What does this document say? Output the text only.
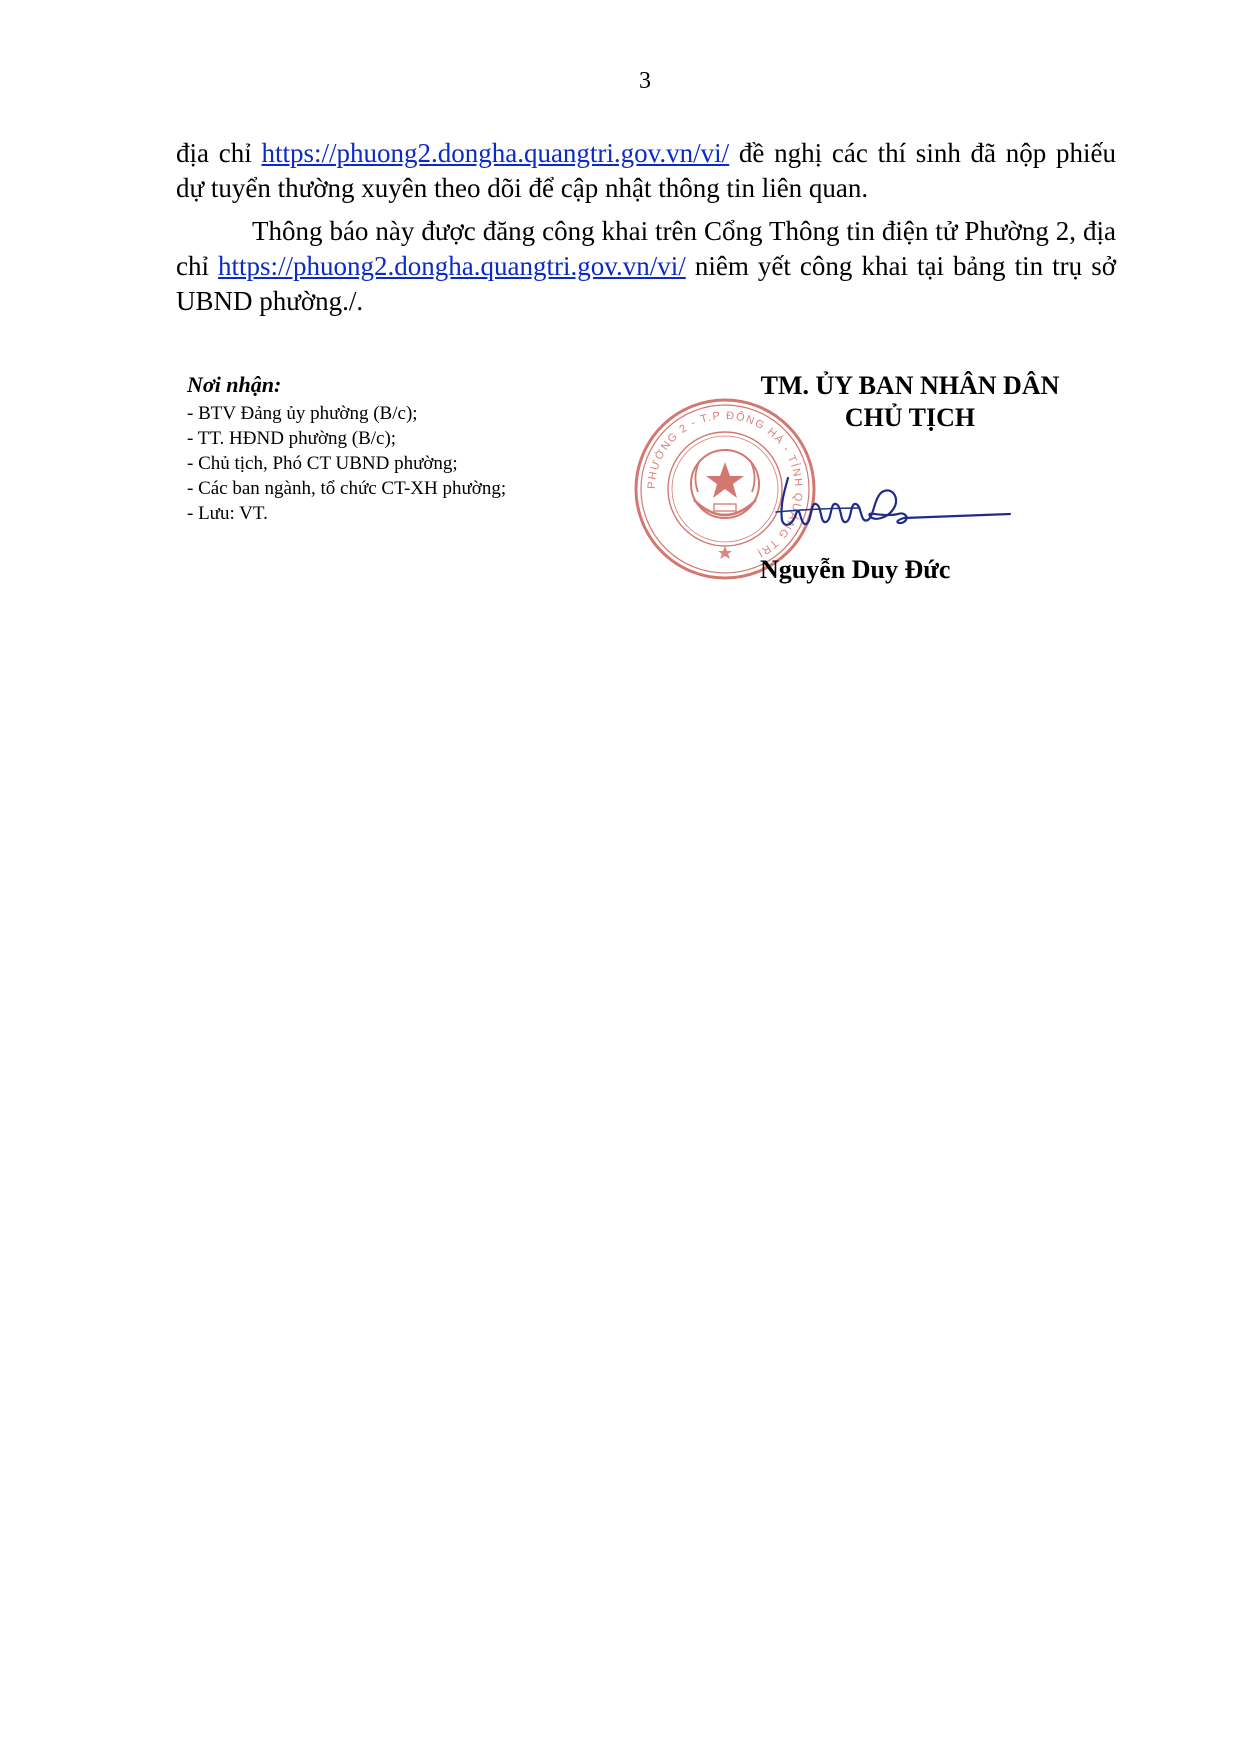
3
địa chỉ https://phuong2.dongha.quangtri.gov.vn/vi/ đề nghị các thí sinh đã nộp phiếu dự tuyển thường xuyên theo dõi để cập nhật thông tin liên quan.
Thông báo này được đăng công khai trên Cổng Thông tin điện tử Phường 2, địa chỉ https://phuong2.dongha.quangtri.gov.vn/vi/ niêm yết công khai tại bảng tin trụ sở UBND phường./.
Nơi nhận:
- BTV Đảng ủy phường (B/c);
- TT. HĐND phường (B/c);
- Chủ tịch, Phó CT UBND phường;
- Các ban ngành, tổ chức CT-XH phường;
- Lưu: VT.
PHƯỜNG 2 - T.P ĐÔNG HÀ - TỈNH QUẢNG TRỊ
TM. ỦY BAN NHÂN DÂN
CHỦ TỊCH
Nguyễn Duy Đức
